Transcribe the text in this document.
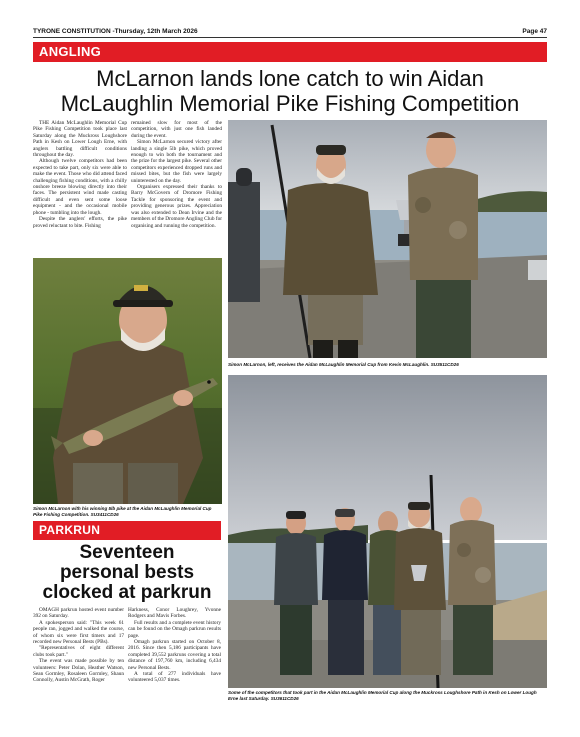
TYRONE CONSTITUTION -Thursday, 12th March 2026	Page 47
ANGLING
McLarnon lands lone catch to win Aidan
McLaughlin Memorial Pike Fishing Competition

THE Aidan McLaughlin Memorial Cup Pike Fishing Competition took place last Saturday along the Muckross Loughshore Path in Kesh on Lower Lough Erne, with anglers battling difficult conditions throughout the day.

Although twelve competitors had been expected to take part, only six were able to make the event. Those who did attend faced challenging fishing conditions, with a chilly onshore breeze blowing directly into their faces. The persistent wind made casting difficult and even sent some loose equipment - and the occasional mobile phone - tumbling into the lough.

Despite the anglers' efforts, the pike proved reluctant to bite. Fishing

remained slow for most of the competition, with just one fish landed during the event.

Simon McLarnon secured victory after landing a single 5lb pike, which proved enough to win both the tournament and the prize for the largest pike. Several other competitors experienced dropped runs and missed bites, but the fish were largely uninterested on the day.

Organisers expressed their thanks to Barry McGovern of Dromore Fishing Tackle for sponsoring the event and providing generous prizes. Appreciation was also extended to Dean Irvine and the members of the Dromore Angling Club for organising and running the competition.

Simon McLarnon with his winning 5lb pike at the Aidan McLaughlin Memorial Cup Pike Fishing Competition. SU3411CD26
Simon McLarnon, left, receives the Aidan McLaughlin Memorial Cup from Kevin McLaughlin. SU3511CD26
Some of the competitors that took part in the Aidan McLaughlin Memorial Cup along the Muckross Loughshore Path in Kesh on Lower Lough Erne last Saturday. SU3611CD26
PARKRUN
Seventeen
personal bests
clocked at parkrun

OMAGH parkrun hosted event number 392 on Saturday.

A spokesperson said: "This week 61 people ran, jogged and walked the course, of whom six were first timers and 17 recorded new Personal Bests (PBs).

"Representatives of eight different clubs took part."

The event was made possible by ten volunteers: Peter Dolan, Heather Watson, Sean Gormley, Rosaleen Gormley, Shaun Connolly, Austin McGrath, Roger

Harkness, Conor Loughrey, Yvonne Rodgers and Mavis Forbes.

Full results and a complete event history can be found on the Omagh parkrun results page.

Omagh parkrun started on October 8, 2016. Since then 5,186 participants have completed 39,552 parkruns covering a total distance of 197,760 km, including 6,434 new Personal Bests.

A total of 277 individuals have volunteered 5,037 times.
